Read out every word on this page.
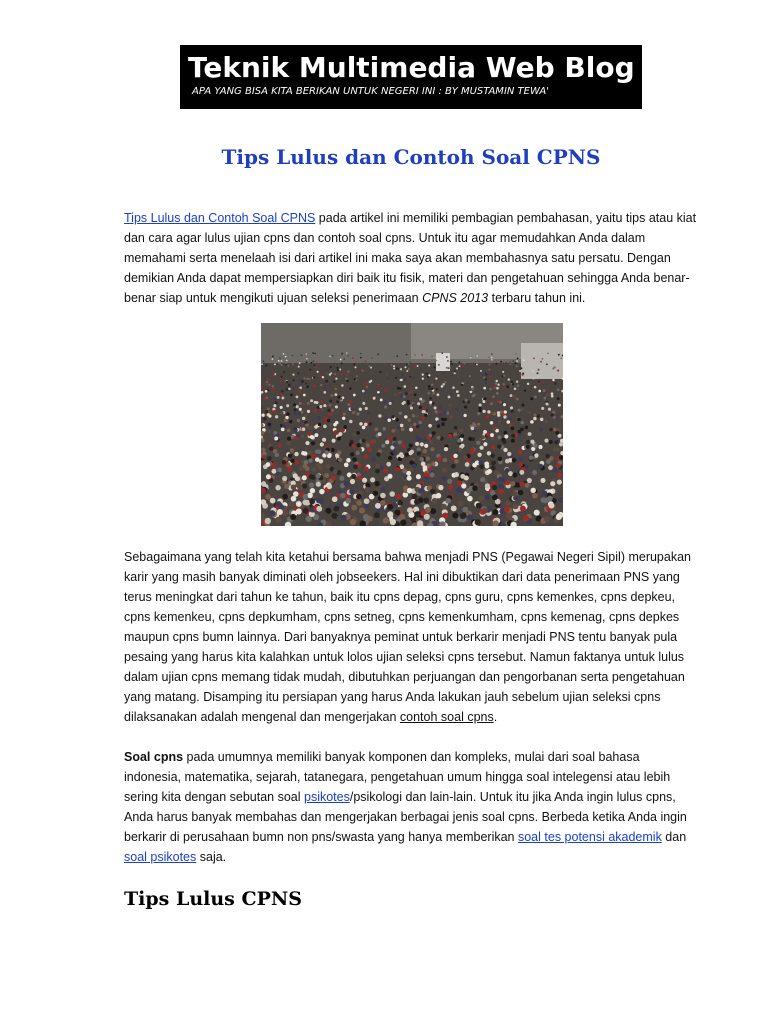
Teknik Multimedia Web Blog
APA YANG BISA KITA BERIKAN UNTUK NEGERI INI : BY MUSTAMIN TEWA'
Tips Lulus dan Contoh Soal CPNS

Tips Lulus dan Contoh Soal CPNS pada artikel ini memiliki pembagian pembahasan, yaitu tips atau kiat dan cara agar lulus ujian cpns dan contoh soal cpns. Untuk itu agar memudahkan Anda dalam memahami serta menelaah isi dari artikel ini maka saya akan membahasnya satu persatu. Dengan demikian Anda dapat mempersiapkan diri baik itu fisik, materi dan pengetahuan sehingga Anda benar-benar siap untuk mengikuti ujuan seleksi penerimaan CPNS 2013 terbaru tahun ini.

Sebagaimana yang telah kita ketahui bersama bahwa menjadi PNS (Pegawai Negeri Sipil) merupakan karir yang masih banyak diminati oleh jobseekers. Hal ini dibuktikan dari data penerimaan PNS yang terus meningkat dari tahun ke tahun, baik itu cpns depag, cpns guru, cpns kemenkes, cpns depkeu, cpns kemenkeu, cpns depkumham, cpns setneg, cpns kemenkumham, cpns kemenag, cpns depkes maupun cpns bumn lainnya. Dari banyaknya peminat untuk berkarir menjadi PNS tentu banyak pula pesaing yang harus kita kalahkan untuk lolos ujian seleksi cpns tersebut. Namun faktanya untuk lulus dalam ujian cpns memang tidak mudah, dibutuhkan perjuangan dan pengorbanan serta pengetahuan yang matang. Disamping itu persiapan yang harus Anda lakukan jauh sebelum ujian seleksi cpns dilaksanakan adalah mengenal dan mengerjakan contoh soal cpns.

Soal cpns pada umumnya memiliki banyak komponen dan kompleks, mulai dari soal bahasa indonesia, matematika, sejarah, tatanegara, pengetahuan umum hingga soal intelegensi atau lebih sering kita dengan sebutan soal psikotes/psikologi dan lain-lain. Untuk itu jika Anda ingin lulus cpns, Anda harus banyak membahas dan mengerjakan berbagai jenis soal cpns. Berbeda ketika Anda ingin berkarir di perusahaan bumn non pns/swasta yang hanya memberikan soal tes potensi akademik dan soal psikotes saja.

Tips Lulus CPNS
